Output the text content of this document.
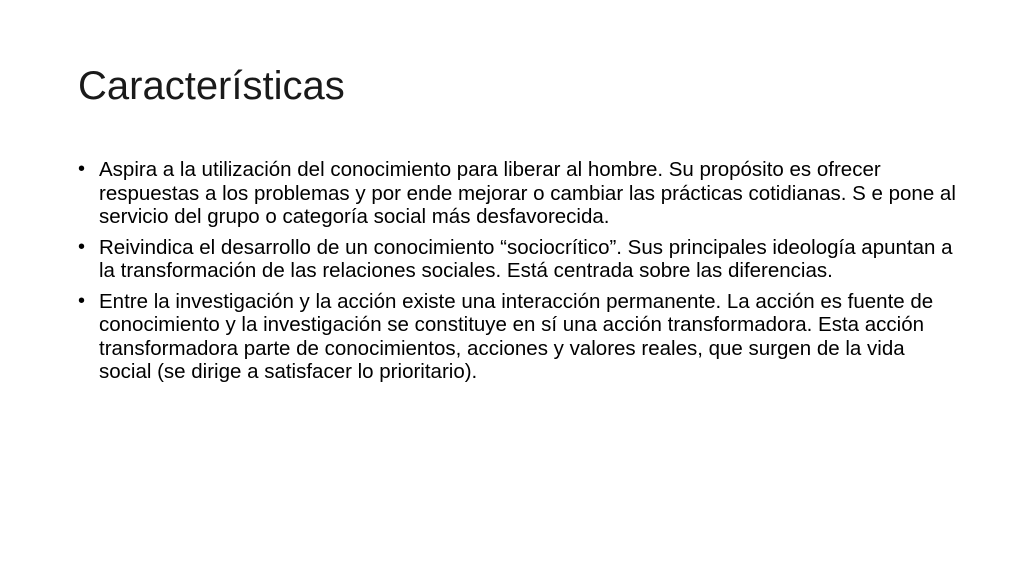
Características
• Aspira a la utilización del conocimiento para liberar al hombre. Su propósito es ofrecer respuestas a los problemas y por ende mejorar o cambiar las prácticas cotidianas. S e pone al servicio del grupo o categoría social más desfavorecida.
• Reivindica el desarrollo de un conocimiento “sociocrítico”. Sus principales ideología apuntan a la transformación de las relaciones sociales. Está centrada sobre las diferencias.
• Entre la investigación y la acción existe una interacción permanente. La acción es fuente de conocimiento y la investigación se constituye en sí una acción transformadora. Esta acción transformadora parte de conocimientos, acciones y valores reales, que surgen de la vida social (se dirige a satisfacer lo prioritario).
